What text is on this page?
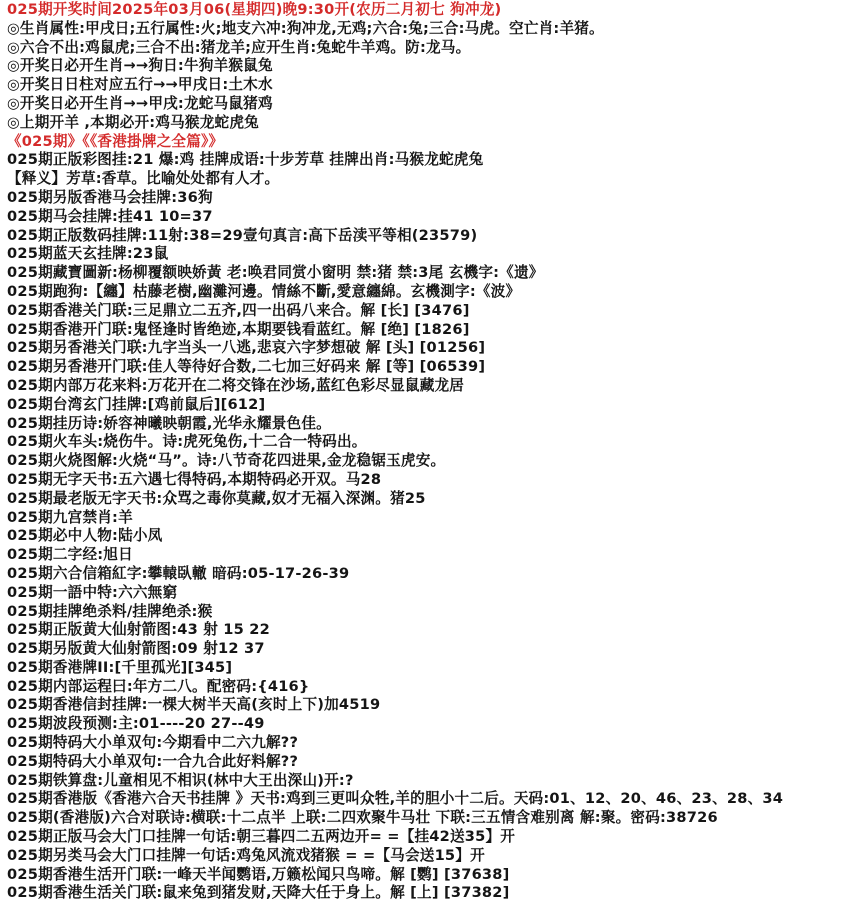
025期开奖时间2025年03月06(星期四)晚9:30开(农历二月初七 狗冲龙)
◎生肖属性:甲戌日;五行属性:火;地支六冲:狗冲龙,无鸡;六合:兔;三合:马虎。空亡肖:羊猪。
◎六合不出:鸡鼠虎;三合不出:猪龙羊;应开生肖:兔蛇牛羊鸡。防:龙马。
◎开奖日必开生肖→→狗日:牛狗羊猴鼠兔
◎开奖日日柱对应五行→→甲戌日:土木水
◎开奖日必开生肖→→甲戌:龙蛇马鼠猪鸡
◎上期开羊 ,本期必开:鸡马猴龙蛇虎兔
《025期》《《香港掛牌之全篇》》
025期正版彩图挂:21 爆:鸡 挂牌成语:十步芳草 挂牌出肖:马猴龙蛇虎兔
【释义】芳草:香草。比喻处处都有人才。
025期另版香港马会挂牌:36狗
025期马会挂牌:挂41 10=37
025期正版数码挂牌:11射:38=29壹句真言:高下岳渎平等相(23579)
025期蓝天玄挂牌:23鼠
025期藏寶圖新:杨柳覆额映娇黃 老:唤君同赏小窗明 禁:猪 禁:3尾 玄機字:《遗》
025期跑狗:【纏】枯藤老樹,幽灘河邊。情絲不斷,愛意纏綿。玄機測字:《波》
025期香港关门联:三足鼎立二五齐,四一出码八来合。解 [长] [3476]
025期香港开门联:鬼怪逢时皆绝迹,本期要钱看蓝红。解 [绝] [1826]
025期另香港关门联:九字当头一八逃,悲哀六字梦想破 解 [头] [01256]
025期另香港开门联:佳人等待好合数,二七加三好码来 解 [等] [06539]
025期内部万花来料:万花开在二将交锋在沙场,蓝红色彩尽显鼠藏龙居
025期台湾玄门挂牌:[鸡前鼠后][612]
025期挂历诗:娇容神曦映朝霞,光华永耀景色佳。
025期火车头:烧伤牛。诗:虎死兔伤,十二合一特码出。
025期火烧图解:火烧“马”。诗:八节奇花四进果,金龙稳锯玉虎安。
025期无字天书:五六遇七得特码,本期特码必开双。马28
025期最老版无字天书:众骂之毒你莫藏,奴才无福入深渊。猪25
025期九宫禁肖:羊
025期必中人物:陆小凤
025期二字经:旭日
025期六合信箱紅字:攀轅臥轍 暗码:05-17-26-39
025期一語中特:六六無窮
025期挂牌绝杀料/挂牌绝杀:猴
025期正版黄大仙射箭图:43 射 15 22
025期另版黄大仙射箭图:09 射12 37
025期香港牌II:[千里孤光][345]
025期内部运程曰:年方二八。配密码:{416}
025期香港信封挂牌:一棵大树半天高(亥时上下)加4519
025期波段预测:主:01----20 27--49
025期特码大小单双句:今期看中二六九解??
025期特码大小单双句:一合九合此好料解??
025期铁算盘:儿童相见不相识(林中大王出深山)开:?
025期香港版《香港六合天书挂牌 》天书:鸡到三更叫众牲,羊的胆小十二后。天码:01、12、20、46、23、28、34
025期(香港版)六合对联诗:横联:十二点半 上联:二四欢聚牛马壮 下联:三五情含难别离 解:聚。密码:38726
025期正版马会大门口挂牌一句话:朝三暮四二五两边开= =【挂42送35】开
025期另类马会大门口挂牌一句话:鸡兔风流戏猪猴 = =【马会送15】开
025期香港生活开门联:一峰天半闻鹦语,万籁松闻只鸟啼。解 [鹦] [37638]
025期香港生活关门联:鼠来兔到猪发财,天降大任于身上。解 [上] [37382]
